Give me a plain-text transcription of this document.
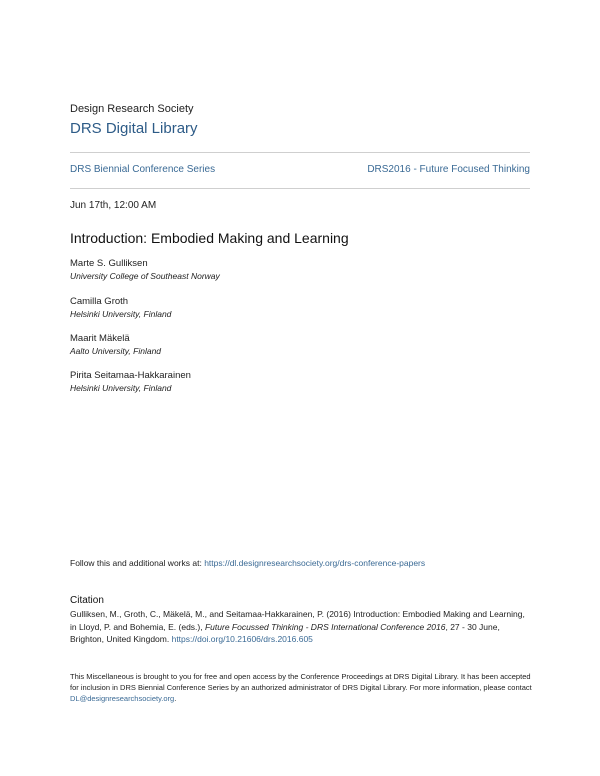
Design Research Society
DRS Digital Library
DRS Biennial Conference Series	DRS2016 - Future Focused Thinking
Jun 17th, 12:00 AM
Introduction: Embodied Making and Learning
Marte S. Gulliksen
University College of Southeast Norway
Camilla Groth
Helsinki University, Finland
Maarit Mäkelä
Aalto University, Finland
Pirita Seitamaa-Hakkarainen
Helsinki University, Finland
Follow this and additional works at: https://dl.designresearchsociety.org/drs-conference-papers
Citation
Gulliksen, M., Groth, C., Mäkelä, M., and Seitamaa-Hakkarainen, P. (2016) Introduction: Embodied Making and Learning, in Lloyd, P. and Bohemia, E. (eds.), Future Focussed Thinking - DRS International Conference 2016, 27 - 30 June, Brighton, United Kingdom. https://doi.org/10.21606/drs.2016.605
This Miscellaneous is brought to you for free and open access by the Conference Proceedings at DRS Digital Library. It has been accepted for inclusion in DRS Biennial Conference Series by an authorized administrator of DRS Digital Library. For more information, please contact DL@designresearchsociety.org.
